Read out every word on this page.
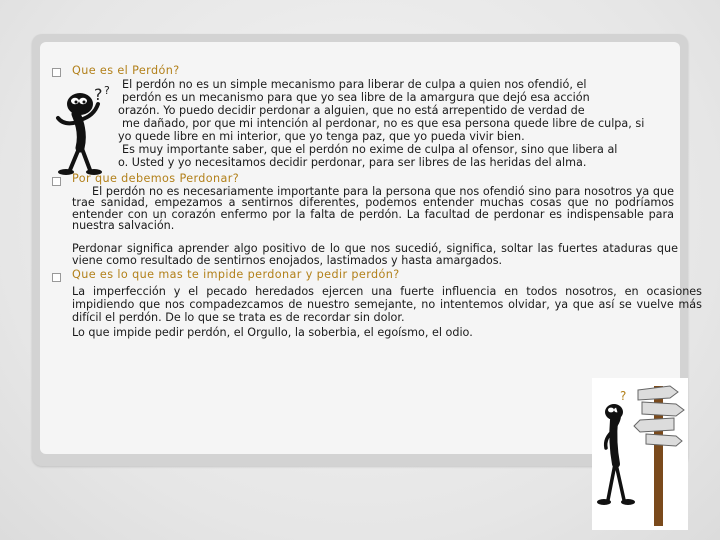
Que es el Perdón?
El perdón no es un simple mecanismo para liberar de culpa a quien nos ofendió, el
perdón es un mecanismo para que yo sea libre de la amargura que dejó esa acción
orazón. Yo puedo decidir perdonar a alguien, que no está arrepentido de verdad de
me dañado, por que mi intención al perdonar, no es que esa persona quede libre de culpa, si
yo quede libre en mi interior, que yo tenga paz, que yo pueda vivir bien.
Es muy importante saber, que el perdón no exime de culpa al ofensor, sino que libera al
o. Usted y yo necesitamos decidir perdonar, para ser libres de las heridas del alma.
? ?
Por que debemos Perdonar?
El perdón no es necesariamente importante para la persona que nos ofendió sino para nosotros ya que trae sanidad, empezamos a sentirnos diferentes, podemos entender muchas cosas que no podríamos entender con un corazón enfermo por la falta de perdón. La facultad de perdonar es indispensable para nuestra salvación.
Perdonar significa aprender algo positivo de lo que nos sucedió, significa, soltar las fuertes ataduras que viene como resultado de sentirnos enojados, lastimados y hasta amargados.
Que es lo que mas te impide perdonar y pedir perdón?
La imperfección y el pecado heredados ejercen una fuerte influencia en todos nosotros, en ocasiones impidiendo que nos compadezcamos de nuestro semejante, no intentemos olvidar, ya que así se vuelve más difícil el perdón. De lo que se trata es de recordar sin dolor.
Lo que impide pedir perdón, el Orgullo, la soberbia, el egoísmo, el odio.
?
